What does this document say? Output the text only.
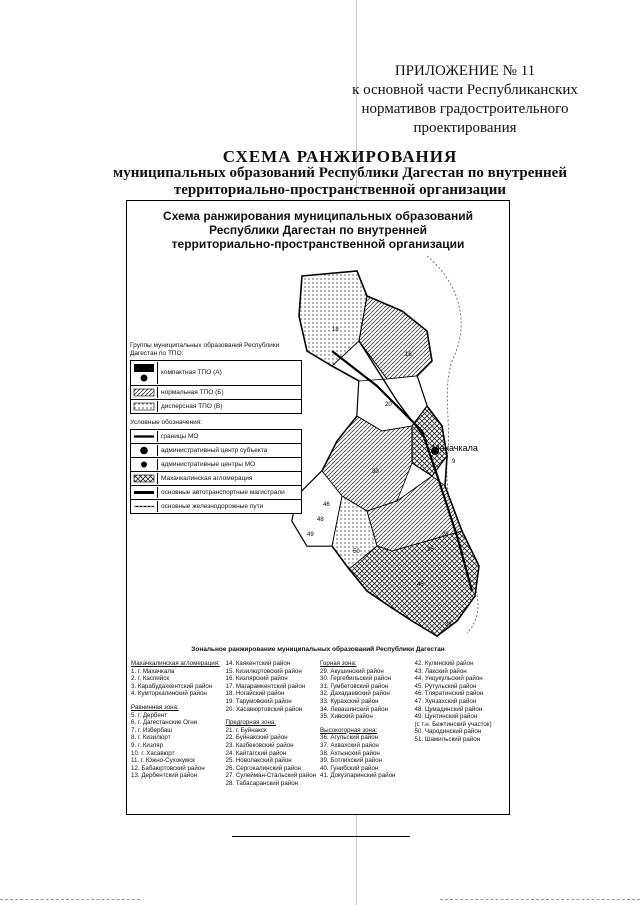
ПРИЛОЖЕНИЕ № 11
к основной части Республиканских
нормативов градостроительного
проектирования
СХЕМА РАНЖИРОВАНИЯ
муниципальных образований Республики Дагестан по внутренней
территориально-пространственной организации
Схема ранжирования муниципальных образований
Республики Дагестан по внутренней
территориально-пространственной организации
Махачкала
18
16
20
46
49
48
50
30
45
38
28
35
9
Группы муниципальных образований Республики Дагестан по ТПО:
компактная ТПО (А)
нормальная ТПО (Б)
дисперсная ТПО (В)
Условные обозначения:
границы МО
административный центр субъекта
административные центры МО
Махачкалинская агломерация
основные автотранспортные магистрали
основные железнодорожные пути
Зональное ранжирование муниципальных образований Республики Дагестан
Махачкалинская агломерация:
1. г. Махачкала
2. г. Каспийск
3. Карабудахкентский район
4. Кумторкалинский район
Равнинная зона:
5. г. Дербент
6. г. Дагестанские Огни
7. г. Избербаш
8. г. Кизилюрт
9. г. Кизляр
10. г. Хасавюрт
11. г. Южно-Сухокумск
12. Бабаюртовский район
13. Дербентский район
14. Каякентский район
15. Кизилюртовский район
16. Кизлярский район
17. Магарамкентский район
18. Ногайский район
19. Тарумовский район
20. Хасавюртовский район
Предгорная зона:
21. г. Буйнакск
22. Буйнакский район
23. Казбековский район
24. Кайтагский район
25. Новолакский район
26. Сергокалинский район
27. Сулейман-Стальский район
28. Табасаранский район
Горная зона:
29. Акушинский район
30. Гергебильский район
31. Гумбетовский район
32. Дахадаевский район
33. Курахский район
34. Левашинский район
35. Хивский район
Высокогорная зона:
36. Агульский район
37. Ахвахский район
38. Ахтынский район
39. Ботлихский район
40. Гунибский район
41. Докузпаринский район
42. Кулинский район
43. Лакский район
44. Унцукульский район
45. Рутульский район
46. Тляратинский район
47. Хунзахский район
48. Цумадинский район
49. Цунтинский район
(с т.н. Бежтинский участок)
50. Чародинский район
51. Шамильский район
